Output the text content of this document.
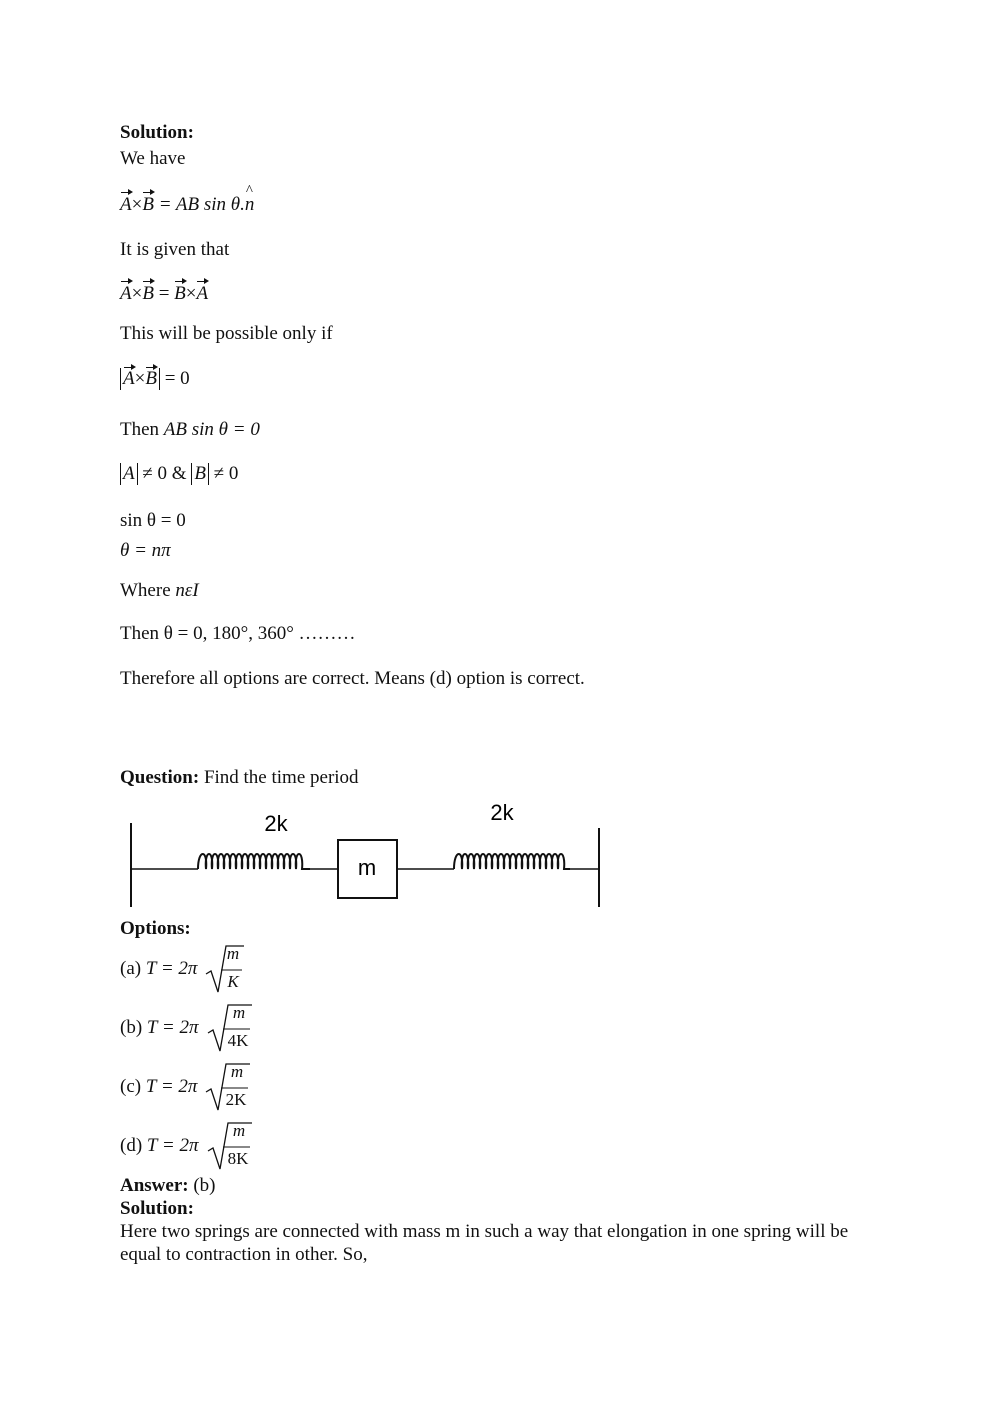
Solution:
We have
A×B = AB sin θ.^ n
It is given that
A×B = B×A
This will be possible only if
A×B = 0
Then AB sin θ = 0
A ≠ 0 & B ≠ 0
sin θ = 0
θ = nπ
Where nεI
Then θ = 0, 180°, 360° ………
Therefore all options are correct. Means (d) option is correct.
Question: Find the time period
m
2k	2k
Options:
(a) T = 2π
m
K
(b) T = 2π
m
4K
(c) T = 2π
m
2K
(d) T = 2π
m
8K
Answer: (b)
Solution:
Here two springs are connected with mass m in such a way that elongation in one spring will be equal to contraction in other. So,
